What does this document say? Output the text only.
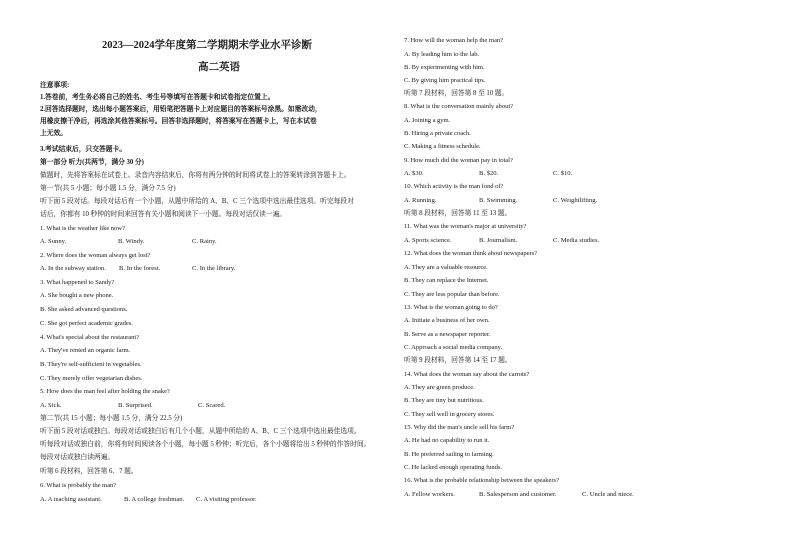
2023—2024学年度第二学期期末学业水平诊断
高二英语
注意事项:
1.答卷前，考生务必将自己的姓名、考生号等填写在答题卡和试卷指定位置上。
2.回答选择题时，选出每小题答案后，用铅笔把答题卡上对应题目的答案标号涂黑。如需改动，
用橡皮擦干净后，再选涂其他答案标号。回答非选择题时，将答案写在答题卡上，写在本试卷
上无效。
3.考试结束后，只交答题卡。
第一部分 听力(共两节，满分 30 分)
做题时，先将答案标在试卷上。录音内容结束后，你将有两分钟的时间将试卷上的答案转涂到答题卡上。
第一节(共 5 小题；每小题 1.5 分，满分 7.5 分)
听下面 5 段对话。每段对话后有一个小题，从题中所给的 A、B、C 三个选项中选出最佳选项。听完每段对
话后，你都有 10 秒钟的时间来回答有关小题和阅读下一小题。每段对话仅读一遍。
1. What is the weather like now?
A. Sunny.	B. Windy.	C. Rainy.
2. Where does the woman always get lost?
A. In the subway station. B. In the forest.	C. In the library.
3. What happened to Sandy?
A. She bought a new phone.
B. She asked advanced questions.
C. She got perfect academic grades.
4. What's special about the restaurant?
A. They've rented an organic farm.
B. They're self-sufficient in vegetables.
C. They merely offer vegetarian dishes.
5. How does the man feel after holding the snake?
A. Sick.	B. Surprised.	C. Scared.
第二节(共 15 小题；每小题 1.5 分，满分 22.5 分)
听下面 5 段对话或独白。每段对话或独白后有几个小题，从题中所给的 A、B、C 三个选项中选出最佳选项。
听每段对话或独白前，你将有时间阅读各个小题，每小题 5 秒钟；听完后，各个小题将给出 5 秒钟的作答时间。
每段对话或独白读两遍。
听第 6 段材料，回答第 6、7 题。
6. What is probably the man?
A. A teaching assistant.	B. A college freshman. C. A visiting professor.
7. How will the woman help the man?
A. By leading him to the lab.
B. By experimenting with him.
C. By giving him practical tips.
听第 7 段材料，回答第 8 至 10 题。
8. What is the conversation mainly about?
A. Joining a gym.
B. Hiring a private coach.
C. Making a fitness schedule.
9. How much did the woman pay in total?
A. $30.	B. $20.	C. $10.
10. Which activity is the man fond of?
A. Running.	B. Swimming.	C. Weightlifting.
听第 8 段材料，回答第 11 至 13 题。
11. What was the woman's major at university?
A. Sports science.	B. Journalism.	C. Media studies.
12. What does the woman think about newspapers?
A. They are a valuable resource.
B. They can replace the Internet.
C. They are less popular than before.
13. What is the woman going to do?
A. Initiate a business of her own.
B. Serve as a newspaper reporter.
C. Approach a social media company.
听第 9 段材料，回答第 14 至 17 题。
14. What does the woman say about the carrots?
A. They are green produce.
B. They are tiny but nutritious.
C. They sell well in grocery stores.
15. Why did the man's uncle sell his farm?
A. He had no capability to run it.
B. He preferred sailing to farming.
C. He lacked enough operating funds.
16. What is the probable relationship between the speakers?
A. Fellow workers.	B. Salesperson and customer.	C. Uncle and niece.
